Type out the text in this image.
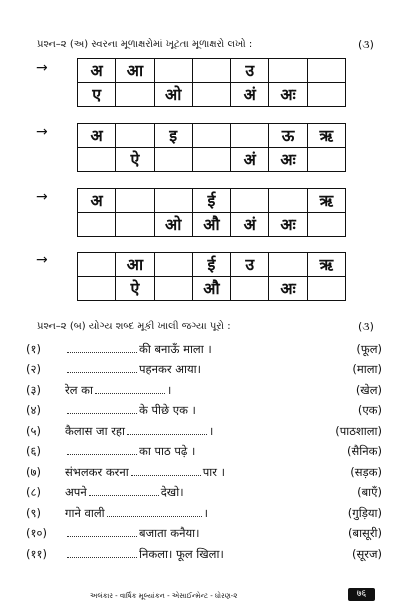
પ્રશ્ન–૨ (અ) સ્વરના મૂળાક્ષરોમાં ખૂટતા મૂળાક્ષરો લખો :	(૩)
→	अ	आ			उ		
ए		ओ		अं	अः	
→	अ		इ			ऊ	ऋ
	ऐ			अं	अः	
→	अ			ई			ऋ
		ओ	औ	अं	अः	
→
		आ		ई	उ		ऋ
	ऐ		औ		अः	
પ્રશ્ન–૨ (બ) યોગ્ય શબ્દ મૂકી ખાલી જગ્યા પૂરો :	(૩)
(१)	की बनाऊँ माला ।	(फूल)
(२)	पहनकर आया।	(माला)
(३)	रेल का	।	(खेल)
(४)	के पीछे एक ।	(एक)
(५)	कैलास जा रहा	।	(पाठशाला)
(६)	का पाठ पढ़े ।	(सैनिक)
(७)	संभलकर करना	पार ।	(सड़क)
(८)	अपने	देखो।	(बाएँ)
(९)	गाने वाली	।	(गुड़िया)
(१०)	बजाता कनैया।	(बासूरी)
(११)	निकला। फूल खिला।	(सूरज)
અલંકાર - વાર્ષિક મૂલ્યાંકન - એસાઈન્મેન્ટ - ધોરણ-૨	७६
